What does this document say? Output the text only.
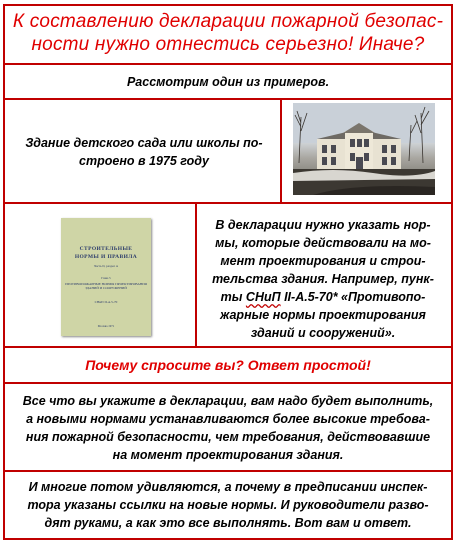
К составлению декларации пожарной безопас-
ности нужно отнестись серьезно! Иначе?
Рассмотрим один из примеров.
Здание детского сада или школы по-
строено в 1975 году
СТРОИТЕЛЬНЫЕ
НОРМЫ И ПРАВИЛА
Часть II, раздел А
Глава 5
ПРОТИВОПОЖАРНЫЕ НОРМЫ ПРОЕКТИРОВАНИЯ ЗДАНИЙ И СООРУЖЕНИЙ
СНиП II-А.5-70
Москва 1971
В декларации нужно указать нор-
мы, которые действовали на мо-
мент проектирования и строи-
тельства здания. Например, пунк-
ты СНиП II-А.5-70* «Противопо-
жарные нормы проектирования
зданий и сооружений».
Почему спросите вы? Ответ простой!
Все что вы укажите в декларации, вам надо будет выполнить,
а новыми нормами устанавливаются более высокие требова-
ния пожарной безопасности, чем требования, действовавшие
на момент проектирования здания.
И многие потом удивляются, а почему в предписании инспек-
тора указаны ссылки на новые нормы. И руководители разво-
дят руками, а как это все выполнять. Вот вам и ответ.
